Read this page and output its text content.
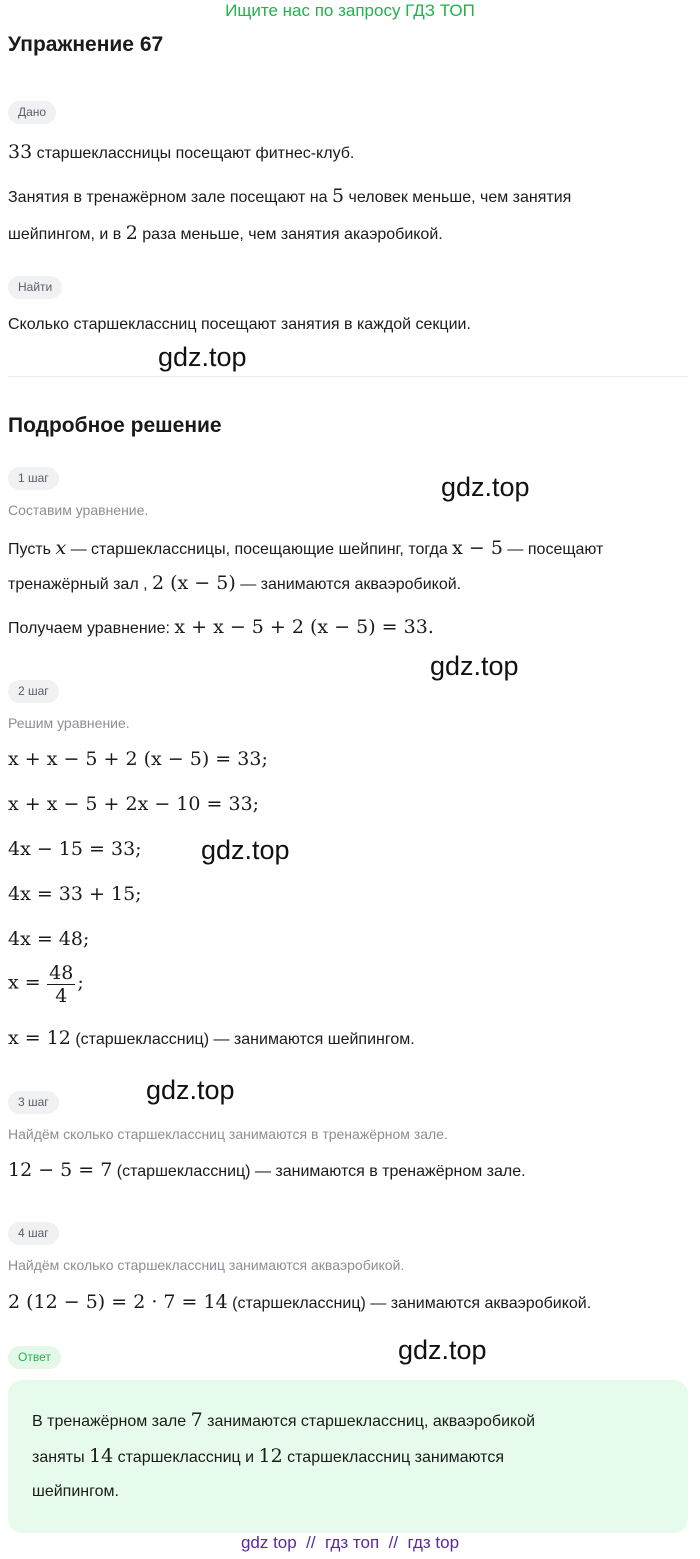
Ищите нас по запросу ГДЗ ТОП
Упражнение 67
Дано
33 старшеклассницы посещают фитнес-клуб.
Занятия в тренажёрном зале посещают на 5 человек меньше, чем занятия
шейпингом, и в 2 раза меньше, чем занятия акаэробикой.
Найти
Сколько старшеклассниц посещают занятия в каждой секции.
gdz.top
Подробное решение
1 шаг	gdz.top
Составим уравнение.
Пусть x — старшеклассницы, посещающие шейпинг, тогда x − 5 — посещают
тренажёрный зал , 2 (x − 5) — занимаются акваэробикой.
Получаем уравнение: x + x − 5 + 2 (x − 5) = 33.
gdz.top
2 шаг
Решим уравнение.
x + x − 5 + 2 (x − 5) = 33;
x + x − 5 + 2x − 10 = 33;
4x − 15 = 33; gdz.top
4x = 33 + 15;
4x = 48;
$x = \frac{48}{4}$ ;
x = 12 (старшеклассниц) — занимаются шейпингом.
gdz.top
3 шаг
Найдём сколько старшеклассниц занимаются в тренажёрном зале.
12 − 5 = 7 (старшеклассниц) — занимаются в тренажёрном зале.
4 шаг
Найдём сколько старшеклассниц занимаются акваэробикой.
2 (12 − 5) = 2 · 7 = 14 (старшеклассниц) — занимаются акваэробикой.
Ответ	gdz.top
В тренажёрном зале 7 занимаются старшеклассниц, акваэробикой
заняты 14 старшеклассниц и 12 старшеклассниц занимаются
шейпингом.
gdz top  //  гдз топ  //  гдз top
